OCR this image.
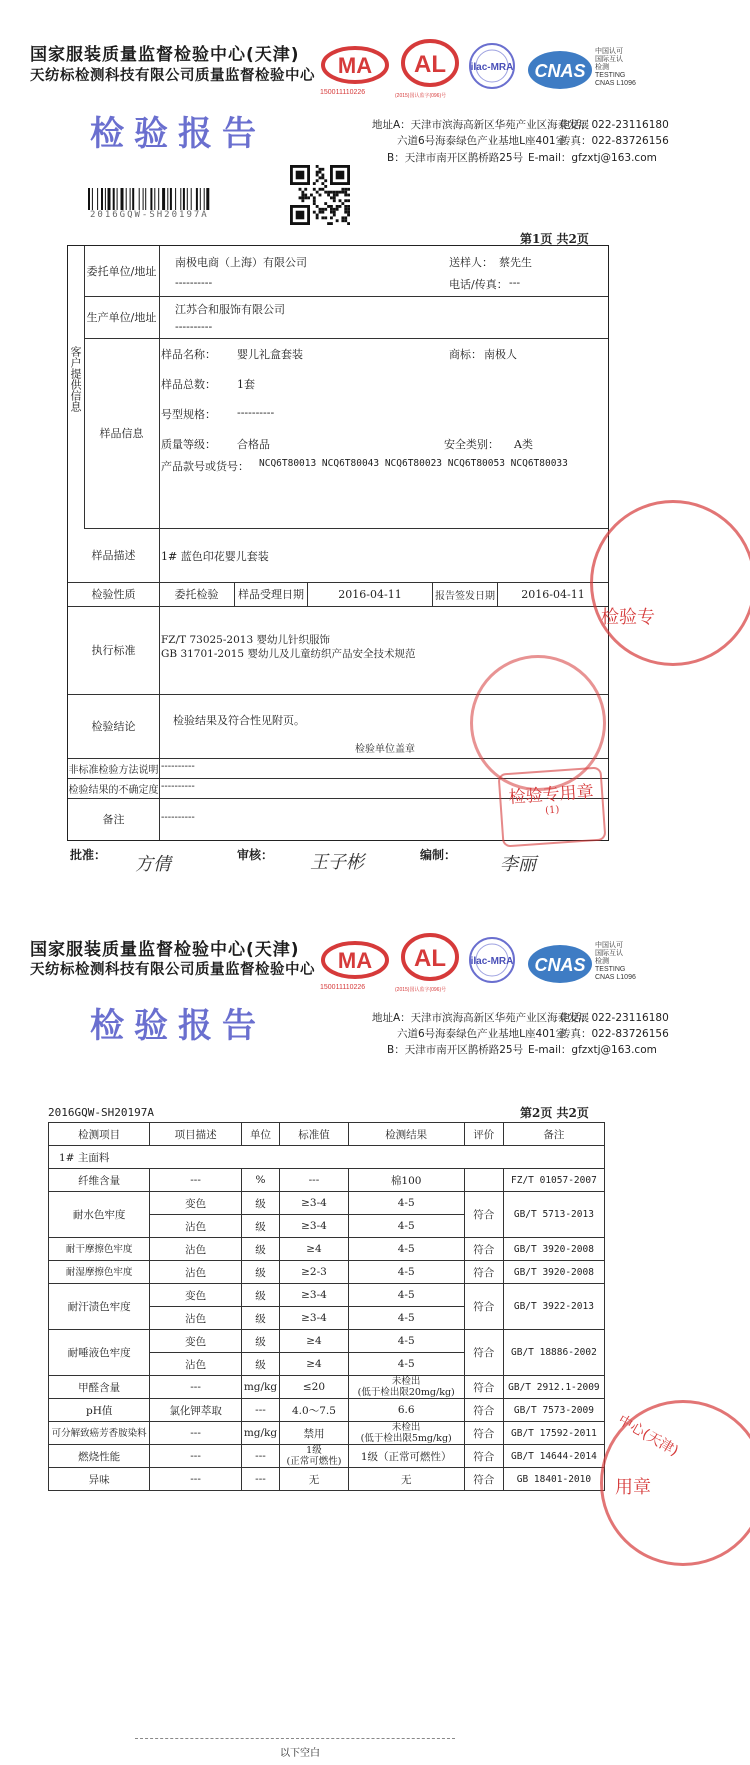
国家服装质量监督检验中心(天津)
天纺标检测科技有限公司质量监督检验中心 MA
150011110226
AL
(2015)国认监字(096)号
ilac-MRA CNAS
中国认可
国际互认
检测
TESTING
CNAS L1096
检验报告	地址A：天津市滨海高新区华苑产业区海泰发展
电话：022-23116180
六道6号海泰绿色产业基地L座401室
传真：022-83726156
B：天津市南开区鹊桥路25号 E-mail：gfzxtj@163.com
2016GQW-SH20197A
第1页 共2页
客户提供信息
委托单位/地址
南极电商（上海）有限公司
----------
送样人： 蔡先生
电话/传真： ---
生产单位/地址
江苏合和服饰有限公司
----------
样品信息
样品名称： 婴儿礼盒套装	商标： 南极人
样品总数： 1套
号型规格： ----------
质量等级： 合格品	安全类别： A类
产品款号或货号： NCQ6T80013 NCQ6T80043 NCQ6T80023 NCQ6T80053 NCQ6T80033
样品描述	1# 蓝色印花婴儿套装
检验性质	委托检验	样品受理日期	2016-04-11	报告签发日期	2016-04-11
执行标准
FZ/T 73025-2013 婴幼儿针织服饰
GB 31701-2015 婴幼儿及儿童纺织产品安全技术规范
检验结论	检验结果及符合性见附页。
检验单位盖章
非标准检验方法说明 ----------
检验结果的不确定度 ----------
备注	----------
检验专用章
(1)
检验专
批准： 方倩	审核： 王子彬	编制： 李丽
国家服装质量监督检验中心(天津)
天纺标检测科技有限公司质量监督检验中心 MA
150011110226
AL
(2015)国认监字(096)号
ilac-MRA CNAS
中国认可
国际互认
检测
TESTING
CNAS L1096
检验报告	地址A：天津市滨海高新区华苑产业区海泰发展
电话：022-23116180
六道6号海泰绿色产业基地L座401室
传真：022-83726156
B：天津市南开区鹊桥路25号 E-mail：gfzxtj@163.com
2016GQW-SH20197A	第2页 共2页
检测项目	项目描述	单位	标准值	检测结果	评价	备注
1# 主面料						
纤维含量	---	%	---	棉100		FZ/T 01057-2007
耐水色牢度	变色	级	≥3-4	4-5	符合	GB/T 5713-2013
	沾色	级	≥3-4	4-5		
耐干摩擦色牢度	沾色	级	≥4	4-5	符合	GB/T 3920-2008
耐湿摩擦色牢度	沾色	级	≥2-3	4-5	符合	GB/T 3920-2008
耐汗渍色牢度	变色	级	≥3-4	4-5	符合	GB/T 3922-2013
	沾色	级	≥3-4	4-5		
耐唾液色牢度	变色	级	≥4	4-5	符合	GB/T 18886-2002
	沾色	级	≥4	4-5		
甲醛含量	---	mg/kg	≤20	未检出
(低于检出限20mg/kg)	符合	GB/T 2912.1-2009
pH值	氯化钾萃取	---	4.0～7.5	6.6	符合	GB/T 7573-2009
可分解致癌芳香胺染料	---	mg/kg	禁用	未检出
(低于检出限5mg/kg)	符合	GB/T 17592-2011
燃烧性能	---	---	1级
(正常可燃性)	1级（正常可燃性）	符合	GB/T 14644-2014
异味	---	---	无	无	符合	GB 18401-2010
以下空白
中心(天津)
用章
